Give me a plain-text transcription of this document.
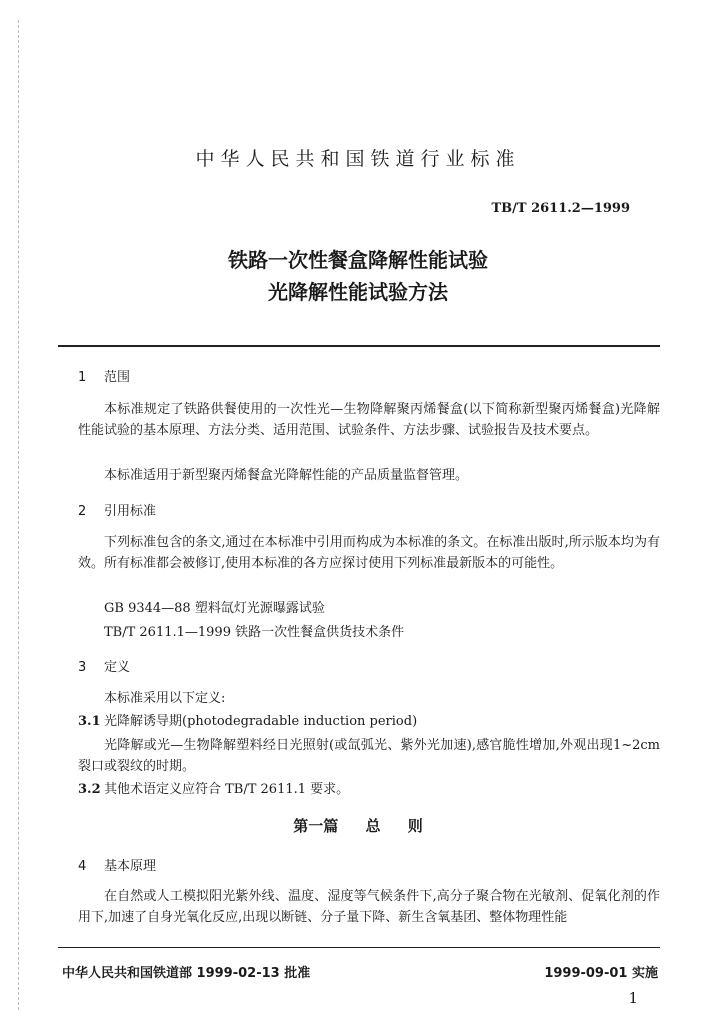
中华人民共和国铁道行业标准
TB/T 2611.2—1999
铁路一次性餐盒降解性能试验
光降解性能试验方法
1 范围
本标准规定了铁路供餐使用的一次性光—生物降解聚丙烯餐盒(以下简称新型聚丙烯餐盒)光降解性能试验的基本原理、方法分类、适用范围、试验条件、方法步骤、试验报告及技术要点。
本标准适用于新型聚丙烯餐盒光降解性能的产品质量监督管理。
2 引用标准
下列标准包含的条文,通过在本标准中引用而构成为本标准的条文。在标准出版时,所示版本均为有效。所有标准都会被修订,使用本标准的各方应探讨使用下列标准最新版本的可能性。
GB 9344—88 塑料氙灯光源曝露试验
TB/T 2611.1—1999 铁路一次性餐盒供货技术条件
3 定义
本标准采用以下定义:
3.1 光降解诱导期(photodegradable induction period)
光降解或光—生物降解塑料经日光照射(或氙弧光、紫外光加速),感官脆性增加,外观出现1~2cm裂口或裂纹的时期。
3.2 其他术语定义应符合 TB/T 2611.1 要求。
第一篇 总 则
4 基本原理
在自然或人工模拟阳光紫外线、温度、湿度等气候条件下,高分子聚合物在光敏剂、促氧化剂的作用下,加速了自身光氧化反应,出现以断链、分子量下降、新生含氧基团、整体物理性能
中华人民共和国铁道部 1999-02-13 批准	1999-09-01 实施
1
